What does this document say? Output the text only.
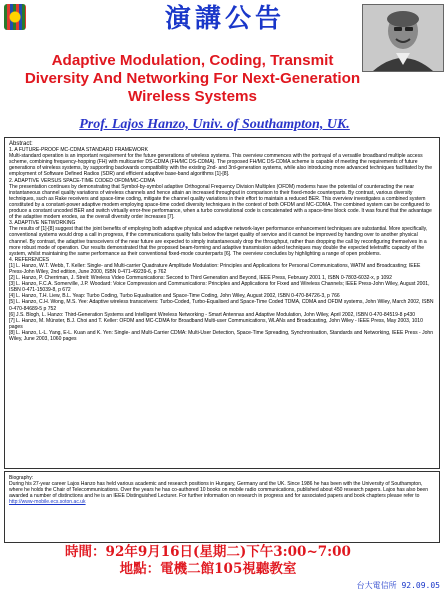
演講公告
Adaptive Modulation, Coding, Transmit Diversity And Networking For Next-Generation Wireless Systems
Prof. Lajos Hanzo, Univ. of Southampton, UK.

Abstract:

1. A FUTURE-PROOF MC-CDMA STANDARD FRAMEWORK

Multi-standard operation is an important requirement for the future generations of wireless systems. This overview commences with the portrayal of a versatile broadband multiple access scheme, combining frequency-hopping (FH) with multicarrier DS-CDMA (FH/MC DS-CDMA). The proposed FH/MC DS-CDMA scheme is capable of meeting the requirements of future generations of wireless systems, by supporting backwards compatibility with the existing 2nd- and 3rd-generation systems, while also introducing more advanced techniques facilitated by the employment of Software Defined Radios (SDR) and efficient adaptive base-band algorithms [1]-[8].

2. ADAPTIVE VERSUS SPACE-TIME CODED OFDM/MC-CDMA

The presentation continues by demonstrating that Symbol-by-symbol adaptive Orthogonal Frequency Division Multiplex (OFDM) modems have the potential of counteracting the near instantaneous channel quality variations of wireless channels and hence attain an increased throughput in comparison to their fixed-mode counterparts. By contrast, various diversity techniques, such as Rake receivers and space-time coding, mitigate the channel quality variations in their effort to maintain a reduced BER. This overview investigates a combined system constituted by a constant-power adaptive modem employing space-time coded diversity techniques in the context of both OFDM and MC-CDMA. The combined system can be configured to produce a constant uncoded BER and switch virtually error-free performance, when a turbo convolutional code is concatenated with a space-time block code. It was found that the advantage of the adaptive modem erodes, as the overall diversity order increases [7].

3. ADAPTIVE NETWORKING

The results of [1]-[8] suggest that the joint benefits of employing both adaptive physical and adaptive network-layer performance enhancement techniques are substantial. More specifically, conventional systems would drop a call in progress, if the communications quality falls below the target quality of service and it cannot be improved by handing over to another physical channel. By contrast, the adaptive transceivers of the near future are expected to simply instantaneously drop the throughput, rather than dropping the call by reconfiguring themselves in a more robust mode of operation. Our results demonstrated that the proposed beam-forming and adaptive transmission aided techniques may double the expected teletraffic capacity of the system, whilst maintaining the same performance as their conventional fixed-mode counterparts [6]. The overview concludes by highlighting a range of open problems.

4. REFERENCES

[1] L. Hanzo, W.T. Webb, T. Keller: Single- and Multi-carrier Quadrature Amplitude Modulation: Principles and Applications for Personal Communications, WATM and Broadcasting; IEEE Press-John Wiley, 2nd edition, June 2000, ISBN 0-471-49239-6, p 762
[2] L. Hanzo, P. Cherriman, J. Streit: Wireless Video Communications: Second to Third Generation and Beyond, IEEE Press, February 2001 1, ISBN 0-7803-6032-x, p 1092
[3] L. Hanzo, F.C.A. Somerville, J.P. Woodard: Voice Compression and Communications: Principles and Applications for Fixed and Wireless Channels; IEEE Press-John Wiley, August 2001, ISBN 0-471-15039-8, p 672
[4] L. Hanzo, T.H. Liew, B.L. Yeap: Turbo Coding, Turbo Equalisation and Space-Time Coding, John Wiley, August 2002, ISBN 0-470-84726-3, p 766
[5] L. Hanzo, C.H. Wong, M.S. Yee: Adaptive wireless transceivers: Turbo-Coded, Turbo-Equalised and Space-Time Coded TDMA, CDMA and OFDM systems, John Wiley, March 2002, ISBN 0-470-84689-5 p 752
[6] J.S. Blogh, L. Hanzo: Third-Generation Systems and Intelligent Wireless Networking - Smart Antennas and Adaptive Modulation, John Wiley, April 2002, ISBN 0-470-84519-8 p430
[7] L. Hanzo, M. Münster, B.J. Choi and T. Keller: OFDM and MC-CDMA for Broadband Multi-user Communications, WLANs and Broadcasting, John Wiley - IEEE Press, May 2003, 1010 pages
[8] L. Hanzo, L-L. Yang, E-L. Kuan and K. Yen: Single- and Multi-Carrier CDMA: Multi-User Detection, Space-Time Spreading, Synchronisation, Standards and Networking, IEEE Press - John Wiley, June 2003, 1060 pages

Biography:

During his 27-year career Lajos Hanzo has held various academic and research positions in Hungary, Germany and the UK. Since 1986 he has been with the University of Southampton, where he holds the Chair of Telecommunications. Over the years he has co-authored 10 books on mobile radio communications, published about 450 research papers. Lajos has also been awarded a number of distinctions and he is an IEEE Distinguished Lecturer. For further information on research in progress and for associated papers and book chapters please refer to http://www-mobile.ecs.soton.ac.uk

時間：92年9月16日(星期二)下午3:00~7:00
地點：電機二館105視聽教室
台大電信所 92.09.05
